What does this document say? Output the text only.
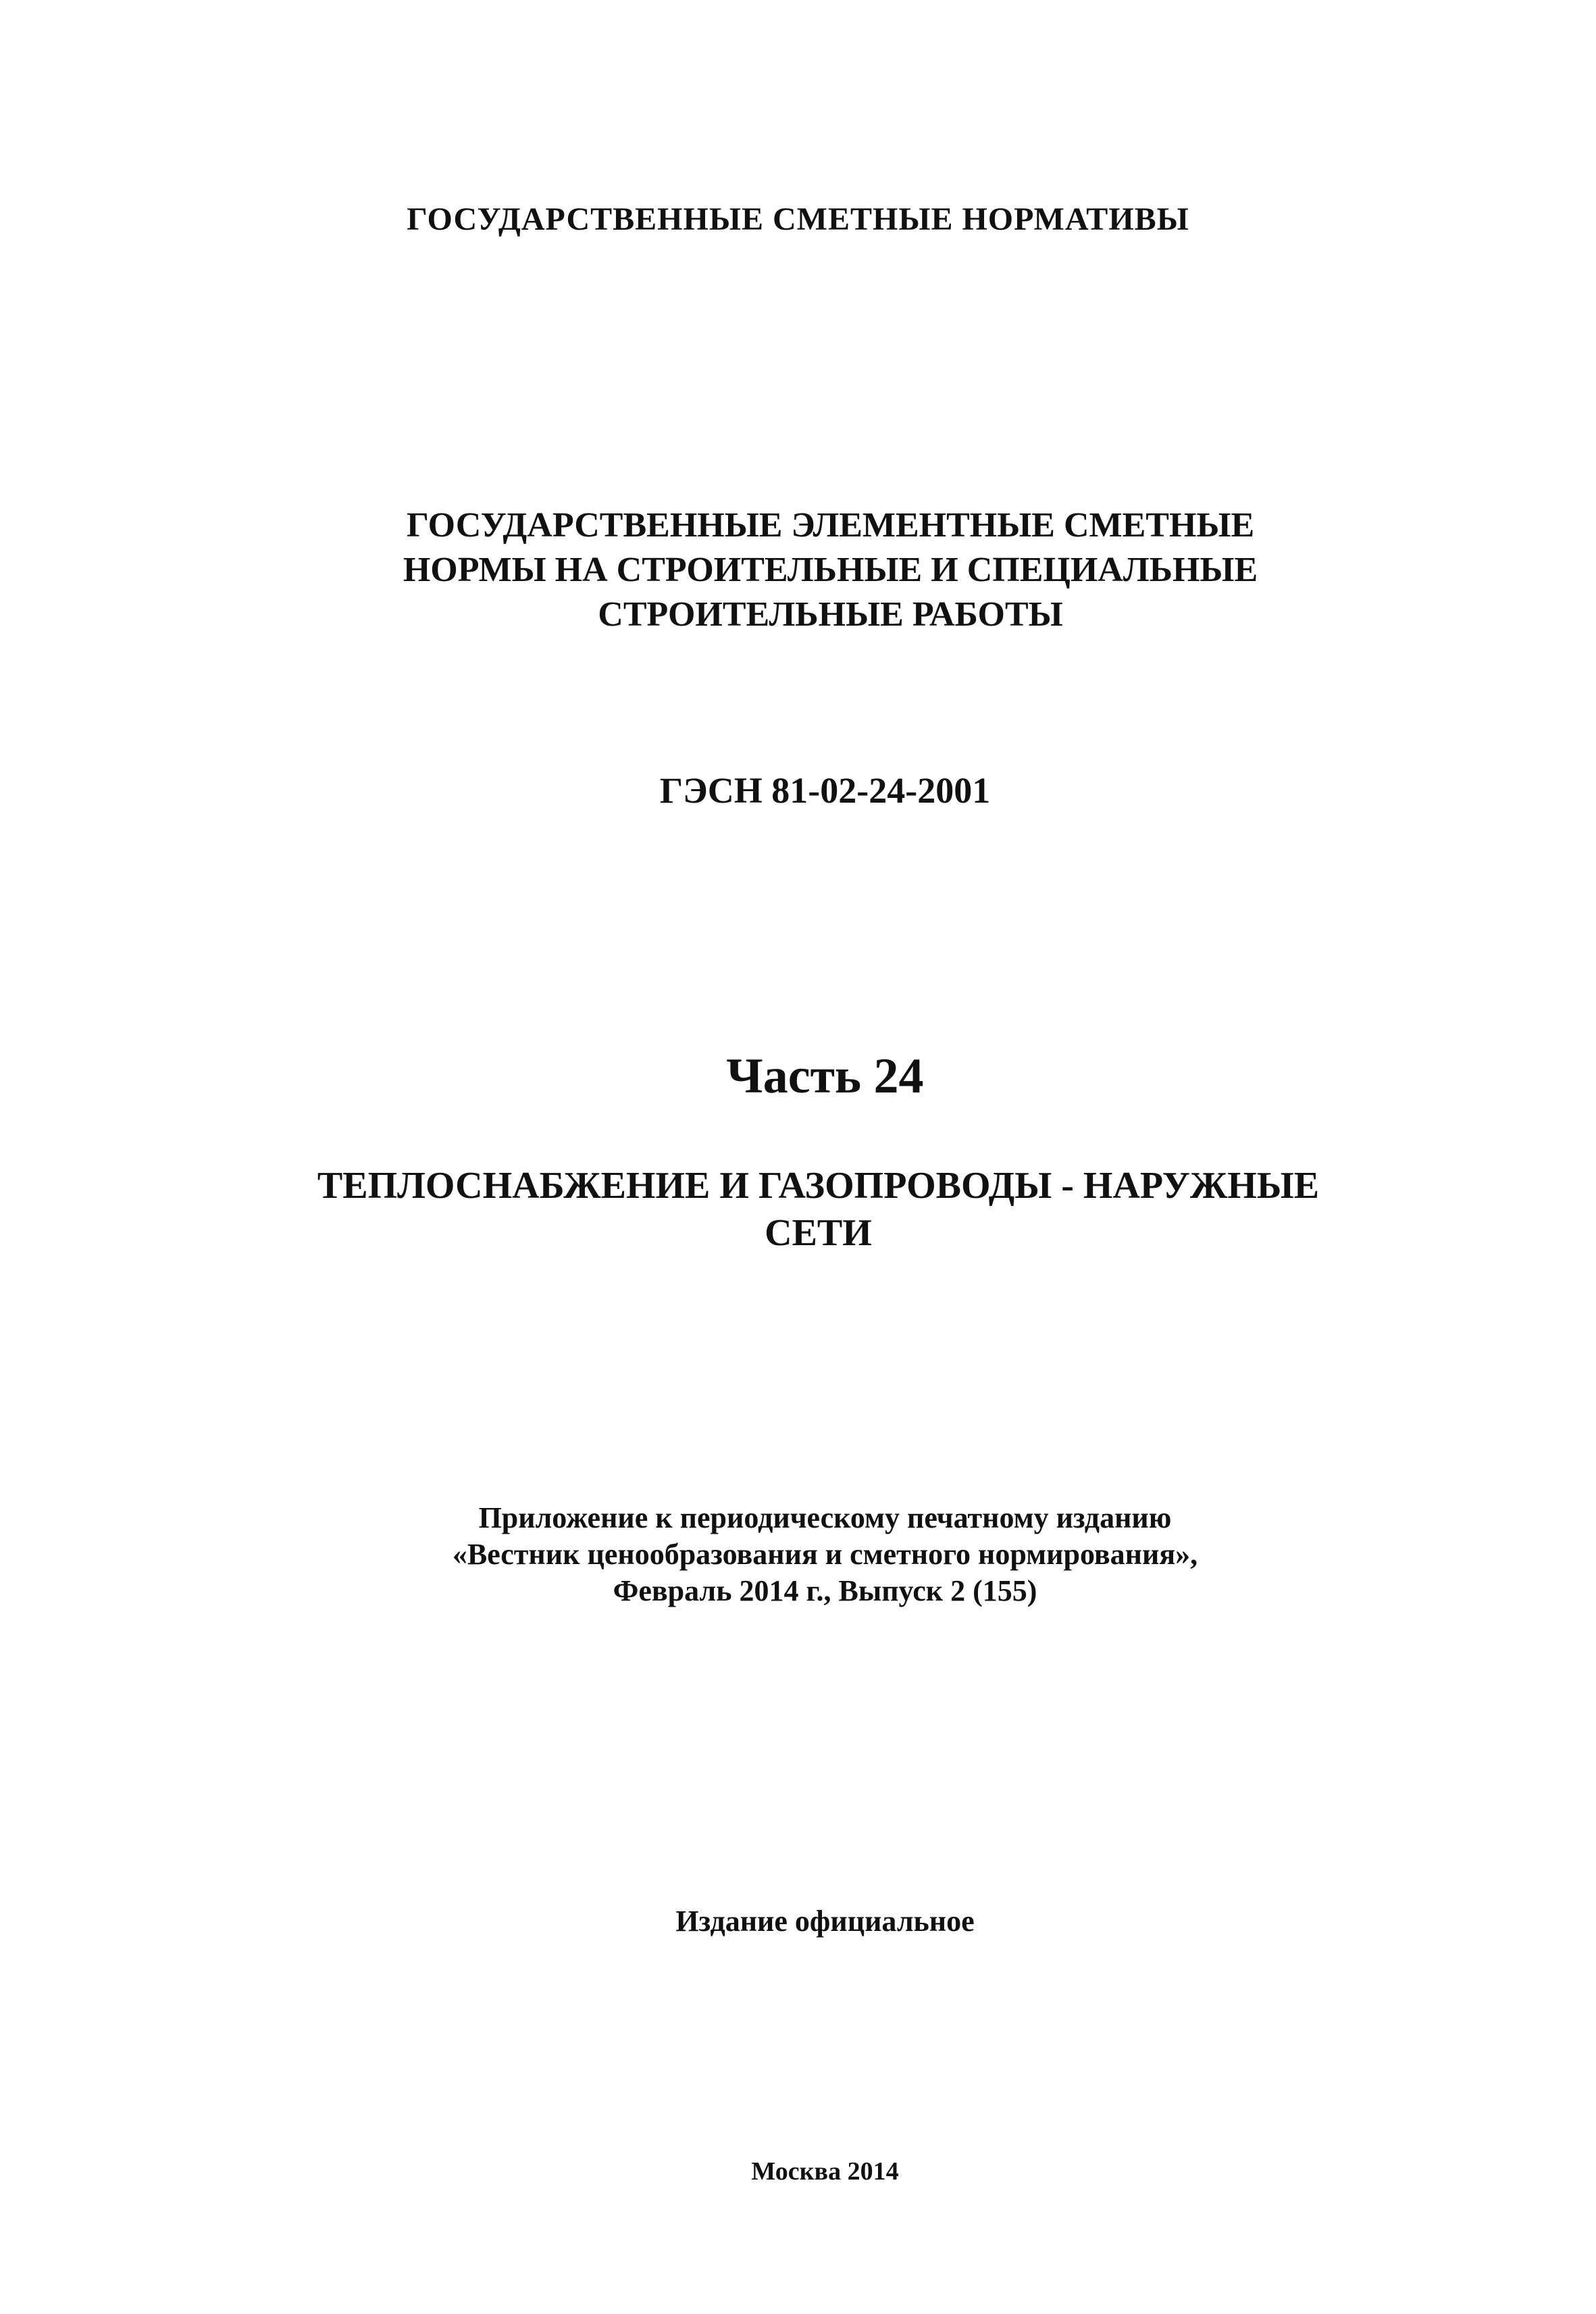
ГОСУДАРСТВЕННЫЕ СМЕТНЫЕ НОРМАТИВЫ
ГОСУДАРСТВЕННЫЕ ЭЛЕМЕНТНЫЕ СМЕТНЫЕ
НОРМЫ НА СТРОИТЕЛЬНЫЕ И СПЕЦИАЛЬНЫЕ
СТРОИТЕЛЬНЫЕ РАБОТЫ
ГЭСН 81-02-24-2001
Часть 24
ТЕПЛОСНАБЖЕНИЕ И ГАЗОПРОВОДЫ - НАРУЖНЫЕ
СЕТИ
Приложение к периодическому печатному изданию
«Вестник ценообразования и сметного нормирования»,
Февраль 2014 г., Выпуск 2 (155)
Издание официальное
Москва 2014
